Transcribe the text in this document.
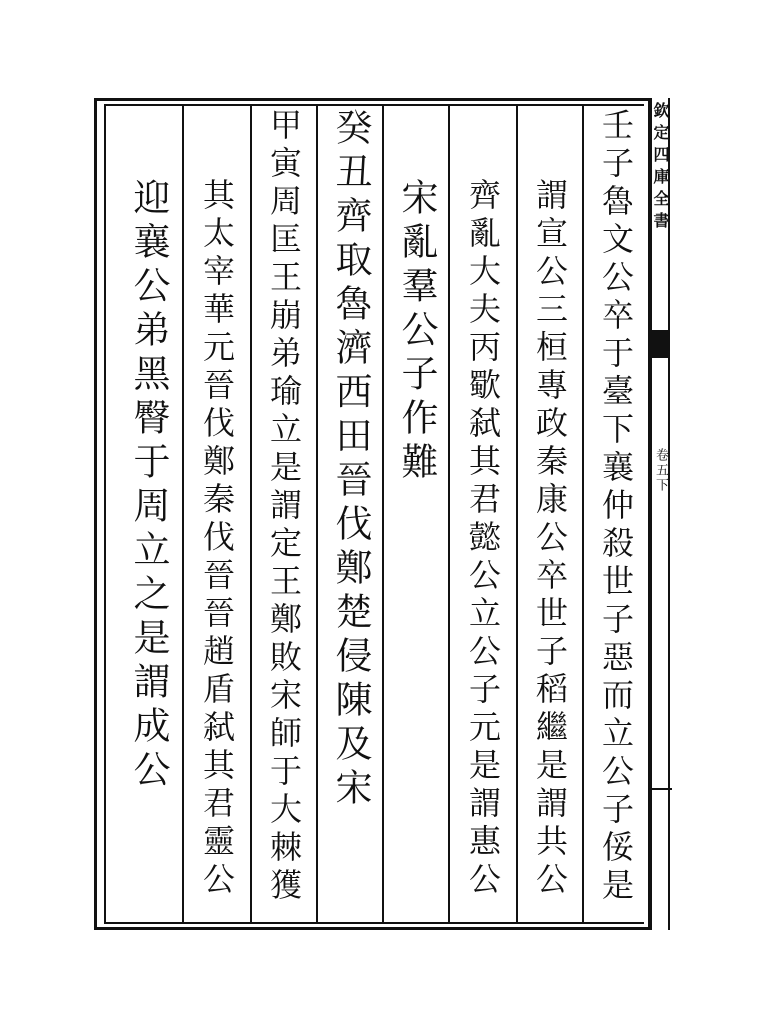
欽定四庫全書
卷五下
壬子魯文公卒于臺下襄仲殺世子惡而立公子俀是
謂宣公三桓專政秦康公卒世子稻繼是謂共公
齊亂大夫丙歜弑其君懿公立公子元是謂惠公
宋亂羣公子作難
癸丑齊取魯濟西田晉伐鄭楚侵陳及宋
甲寅周匡王崩弟瑜立是謂定王鄭敗宋師于大棘獲
其太宰華元晉伐鄭秦伐晉晉趙盾弑其君靈公
迎襄公弟黑臀于周立之是謂成公
